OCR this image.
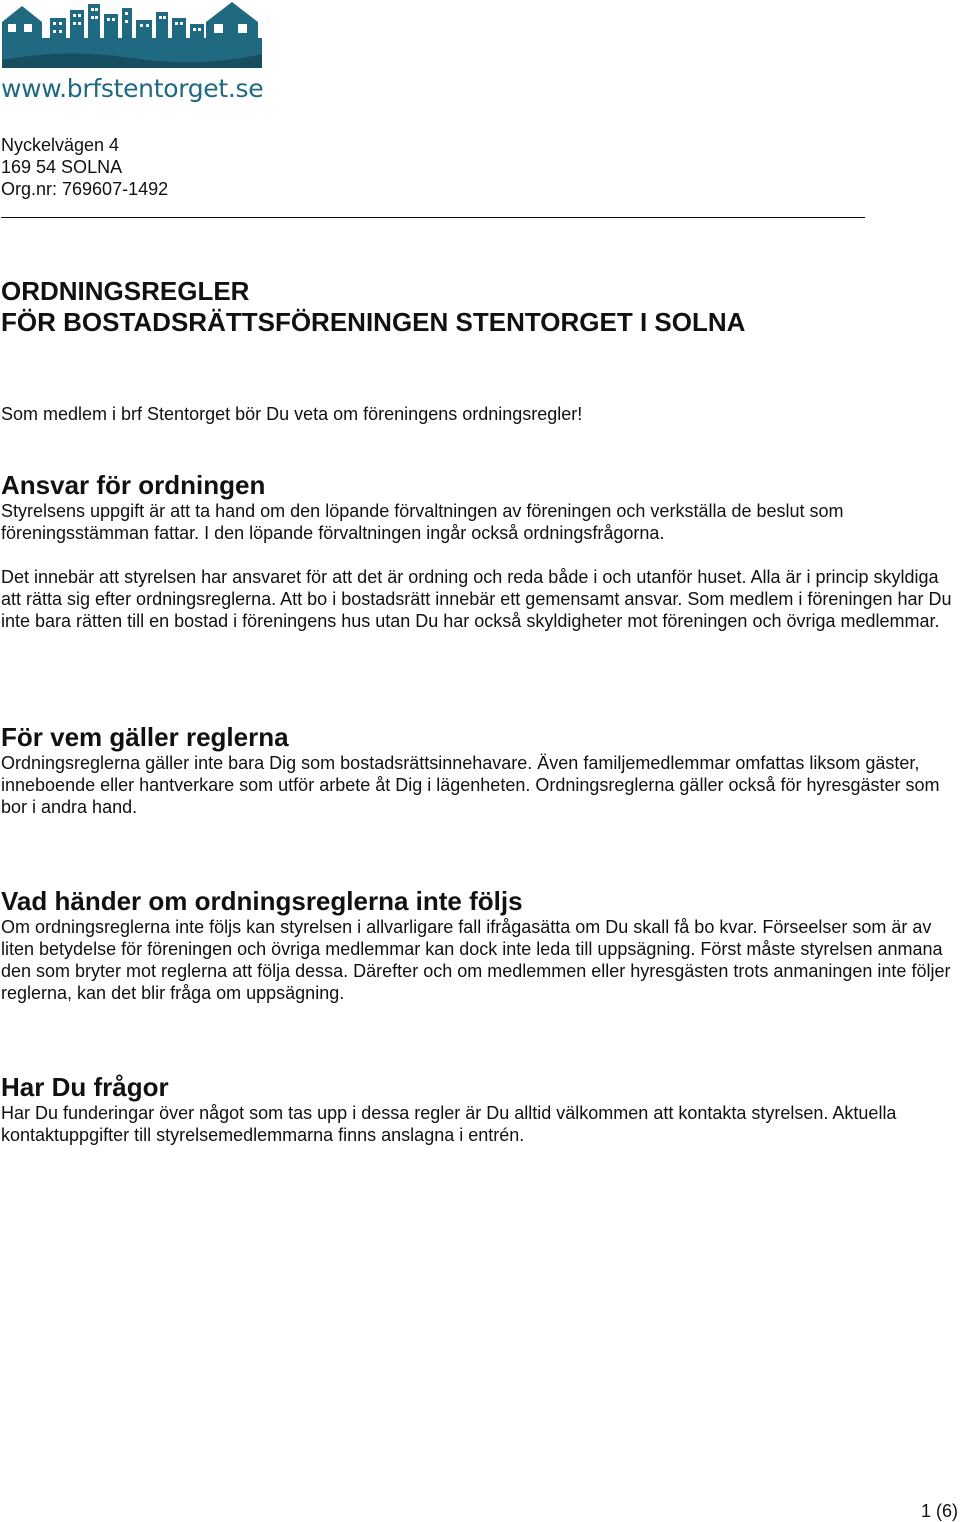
www.brfstentorget.se
Nyckelvägen 4
169 54 SOLNA
Org.nr: 769607-1492
ORDNINGSREGLER
FÖR BOSTADSRÄTTSFÖRENINGEN STENTORGET I SOLNA

Som medlem i brf Stentorget bör Du veta om föreningens ordningsregler!

Ansvar för ordningen

Styrelsens uppgift är att ta hand om den löpande förvaltningen av föreningen och verkställa de beslut som föreningsstämman fattar. I den löpande förvaltningen ingår också ordningsfrågorna.

Det innebär att styrelsen har ansvaret för att det är ordning och reda både i och utanför huset. Alla är i princip skyldiga att rätta sig efter ordningsreglerna. Att bo i bostadsrätt innebär ett gemensamt ansvar. Som medlem i föreningen har Du inte bara rätten till en bostad i föreningens hus utan Du har också skyldigheter mot föreningen och övriga medlemmar.

För vem gäller reglerna

Ordningsreglerna gäller inte bara Dig som bostadsrättsinnehavare. Även familjemedlemmar omfattas liksom gäster, inneboende eller hantverkare som utför arbete åt Dig i lägenheten. Ordningsreglerna gäller också för hyresgäster som bor i andra hand.

Vad händer om ordningsreglerna inte följs

Om ordningsreglerna inte följs kan styrelsen i allvarligare fall ifrågasätta om Du skall få bo kvar. Förseelser som är av liten betydelse för föreningen och övriga medlemmar kan dock inte leda till uppsägning. Först måste styrelsen anmana den som bryter mot reglerna att följa dessa. Därefter och om medlemmen eller hyresgästen trots anmaningen inte följer reglerna, kan det blir fråga om uppsägning.

Har Du frågor

Har Du funderingar över något som tas upp i dessa regler är Du alltid välkommen att kontakta styrelsen. Aktuella kontaktuppgifter till styrelsemedlemmarna finns anslagna i entrén.

1 (6)
